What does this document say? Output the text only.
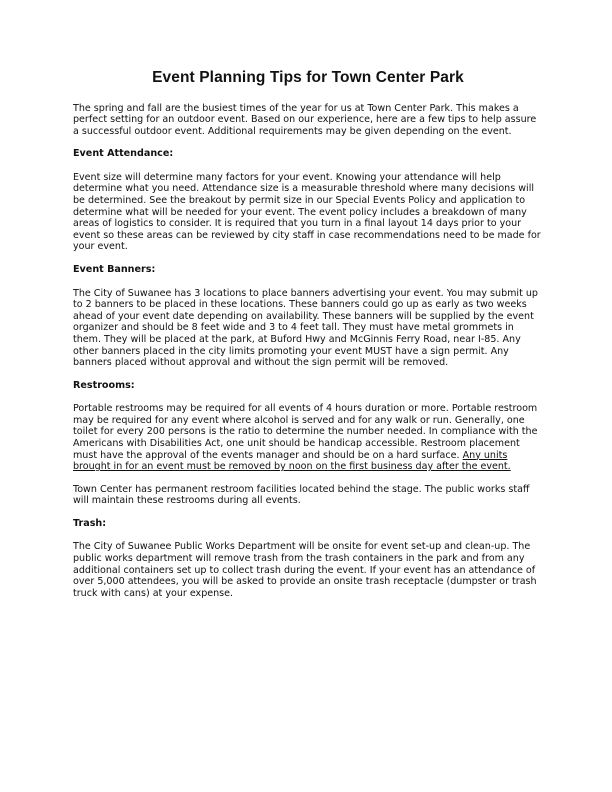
Event Planning Tips for Town Center Park

The spring and fall are the busiest times of the year for us at Town Center Park. This makes a perfect setting for an outdoor event. Based on our experience, here are a few tips to help assure a successful outdoor event. Additional requirements may be given depending on the event.

Event Attendance:

Event size will determine many factors for your event. Knowing your attendance will help determine what you need. Attendance size is a measurable threshold where many decisions will be determined. See the breakout by permit size in our Special Events Policy and application to determine what will be needed for your event. The event policy includes a breakdown of many areas of logistics to consider. It is required that you turn in a final layout 14 days prior to your event so these areas can be reviewed by city staff in case recommendations need to be made for your event.

Event Banners:

The City of Suwanee has 3 locations to place banners advertising your event. You may submit up to 2 banners to be placed in these locations. These banners could go up as early as two weeks ahead of your event date depending on availability. These banners will be supplied by the event organizer and should be 8 feet wide and 3 to 4 feet tall. They must have metal grommets in them. They will be placed at the park, at Buford Hwy and McGinnis Ferry Road, near I-85. Any other banners placed in the city limits promoting your event MUST have a sign permit. Any banners placed without approval and without the sign permit will be removed.

Restrooms:

Portable restrooms may be required for all events of 4 hours duration or more. Portable restroom may be required for any event where alcohol is served and for any walk or run. Generally, one toilet for every 200 persons is the ratio to determine the number needed. In compliance with the Americans with Disabilities Act, one unit should be handicap accessible. Restroom placement must have the approval of the events manager and should be on a hard surface. Any units brought in for an event must be removed by noon on the first business day after the event.

Town Center has permanent restroom facilities located behind the stage. The public works staff will maintain these restrooms during all events.

Trash:

The City of Suwanee Public Works Department will be onsite for event set-up and clean-up. The public works department will remove trash from the trash containers in the park and from any additional containers set up to collect trash during the event. If your event has an attendance of over 5,000 attendees, you will be asked to provide an onsite trash receptacle (dumpster or trash truck with cans) at your expense.
